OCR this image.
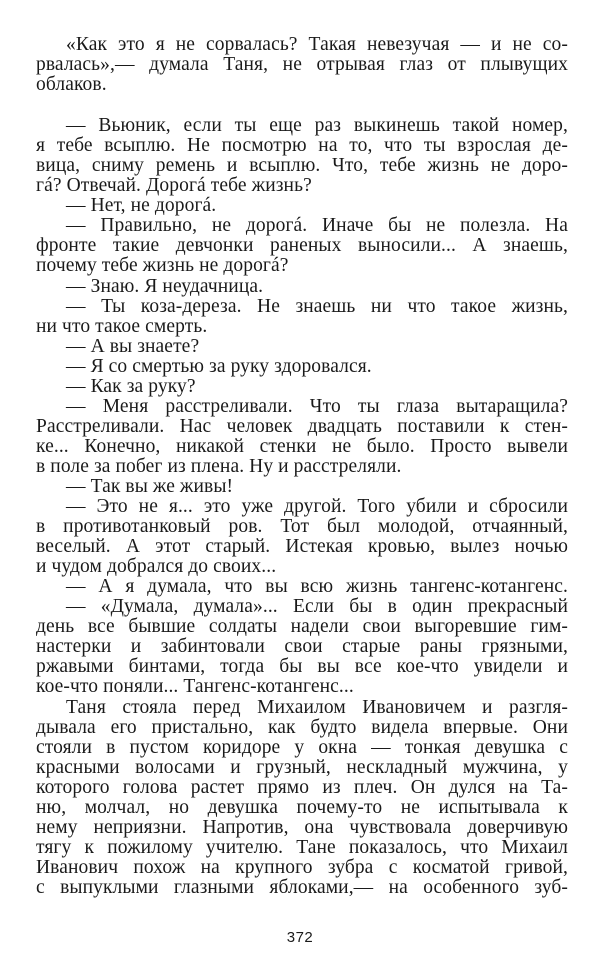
«Как это я не сорвалась? Такая невезучая — и не со-
рвалась»,— думала Таня, не отрывая глаз от плывущих
облаков.
— Вьюник, если ты еще раз выкинешь такой номер,
я тебе всыплю. Не посмотрю на то, что ты взрослая де-
вица, сниму ремень и всыплю. Что, тебе жизнь не доро-
гá? Отвечай. Дорогá тебе жизнь?
— Нет, не дорогá.
— Правильно, не дорогá. Иначе бы не полезла. На
фронте такие девчонки раненых выносили... А знаешь,
почему тебе жизнь не дорогá?
— Знаю. Я неудачница.
— Ты коза-дереза. Не знаешь ни что такое жизнь,
ни что такое смерть.
— А вы знаете?
— Я со смертью за руку здоровался.
— Как за руку?
— Меня расстреливали. Что ты глаза вытаращила?
Расстреливали. Нас человек двадцать поставили к стен-
ке... Конечно, никакой стенки не было. Просто вывели
в поле за побег из плена. Ну и расстреляли.
— Так вы же живы!
— Это не я... это уже другой. Того убили и сбросили
в противотанковый ров. Тот был молодой, отчаянный,
веселый. А этот старый. Истекая кровью, вылез ночью
и чудом добрался до своих...
— А я думала, что вы всю жизнь тангенс-котангенс.
— «Думала, думала»... Если бы в один прекрасный
день все бывшие солдаты надели свои выгоревшие гим-
настерки и забинтовали свои старые раны грязными,
ржавыми бинтами, тогда бы вы все кое-что увидели и
кое-что поняли... Тангенс-котангенс...
Таня стояла перед Михаилом Ивановичем и разгля-
дывала его пристально, как будто видела впервые. Они
стояли в пустом коридоре у окна — тонкая девушка с
красными волосами и грузный, нескладный мужчина, у
которого голова растет прямо из плеч. Он дулся на Та-
ню, молчал, но девушка почему-то не испытывала к
нему неприязни. Напротив, она чувствовала доверчивую
тягу к пожилому учителю. Тане показалось, что Михаил
Иванович похож на крупного зубра с косматой гривой,
с выпуклыми глазными яблоками,— на особенного зуб-
372
